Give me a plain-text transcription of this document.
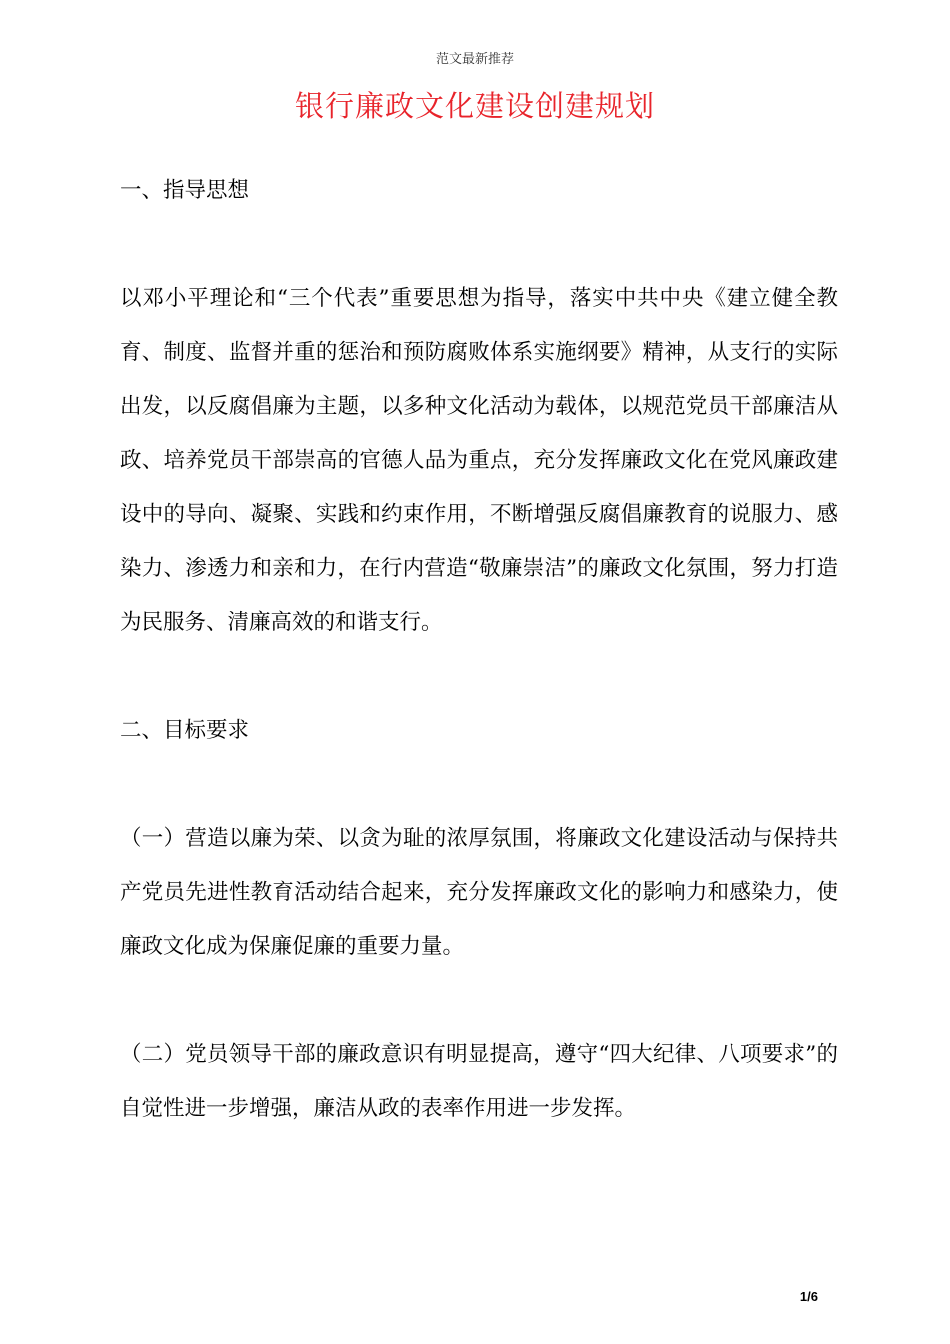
范文最新推荐
银行廉政文化建设创建规划

一、指导思想

以邓小平理论和“三个代表”重要思想为指导，落实中共中央《建立健全教育、制度、监督并重的惩治和预防腐败体系实施纲要》精神，从支行的实际出发，以反腐倡廉为主题，以多种文化活动为载体，以规范党员干部廉洁从政、培养党员干部崇高的官德人品为重点，充分发挥廉政文化在党风廉政建设中的导向、凝聚、实践和约束作用，不断增强反腐倡廉教育的说服力、感染力、渗透力和亲和力，在行内营造“敬廉崇洁”的廉政文化氛围，努力打造为民服务、清廉高效的和谐支行。

二、目标要求

（一）营造以廉为荣、以贪为耻的浓厚氛围，将廉政文化建设活动与保持共产党员先进性教育活动结合起来，充分发挥廉政文化的影响力和感染力，使廉政文化成为保廉促廉的重要力量。

（二）党员领导干部的廉政意识有明显提高，遵守“四大纪律、八项要求”的自觉性进一步增强，廉洁从政的表率作用进一步发挥。

1/6
